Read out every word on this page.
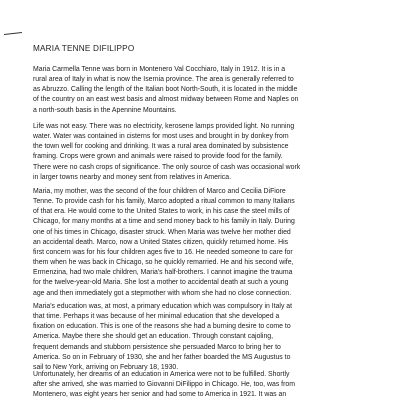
MARIA TENNE DIFILIPPO
Maria Carmella Tenne was born in Montenero Val Cocchiaro, Italy in 1912. It is in a
rural area of Italy in what is now the Isernia province. The area is generally referred to
as Abruzzo. Calling the length of the Italian boot North-South, it is located in the middle
of the country on an east west basis and almost midway between Rome and Naples on
a north-south basis in the Apennine Mountains.
Life was not easy. There was no electricity, kerosene lamps provided light. No running
water. Water was contained in cisterns for most uses and brought in by donkey from
the town well for cooking and drinking. It was a rural area dominated by subsistence
framing. Crops were grown and animals were raised to provide food for the family.
There were no cash crops of significance. The only source of cash was occasional work
in larger towns nearby and money sent from relatives in America.
Maria, my mother, was the second of the four children of Marco and Cecilia DiFiore
Tenne. To provide cash for his family, Marco adopted a ritual common to many Italians
of that era. He would come to the United States to work, in his case the steel mills of
Chicago, for many months at a time and send money back to his family in Italy. During
one of his times in Chicago, disaster struck. When Maria was twelve her mother died
an accidental death. Marco, now a United States citizen, quickly returned home. His
first concern was for his four children ages five to 16. He needed someone to care for
them when he was back in Chicago, so he quickly remarried. He and his second wife,
Ermenzina, had two male children, Maria's half-brothers. I cannot imagine the trauma
for the twelve-year-old Maria. She lost a mother to accidental death at such a young
age and then immediately got a stepmother with whom she had no close connection.
Maria's education was, at most, a primary education which was compulsory in Italy at
that time. Perhaps it was because of her minimal education that she developed a
fixation on education. This is one of the reasons she had a burning desire to come to
America. Maybe there she should get an education. Through constant cajoling,
frequent demands and stubborn persistence she persuaded Marco to bring her to
America. So on in February of 1930, she and her father boarded the MS Augustus to
sail to New York, arriving on February 18, 1930.
Unfortunately, her dreams of an education in America were not to be fulfilled. Shortly
after she arrived, she was married to Giovanni DiFilippo in Chicago. He, too, was from
Montenero, was eight years her senior and had some to America in 1921. It was an
